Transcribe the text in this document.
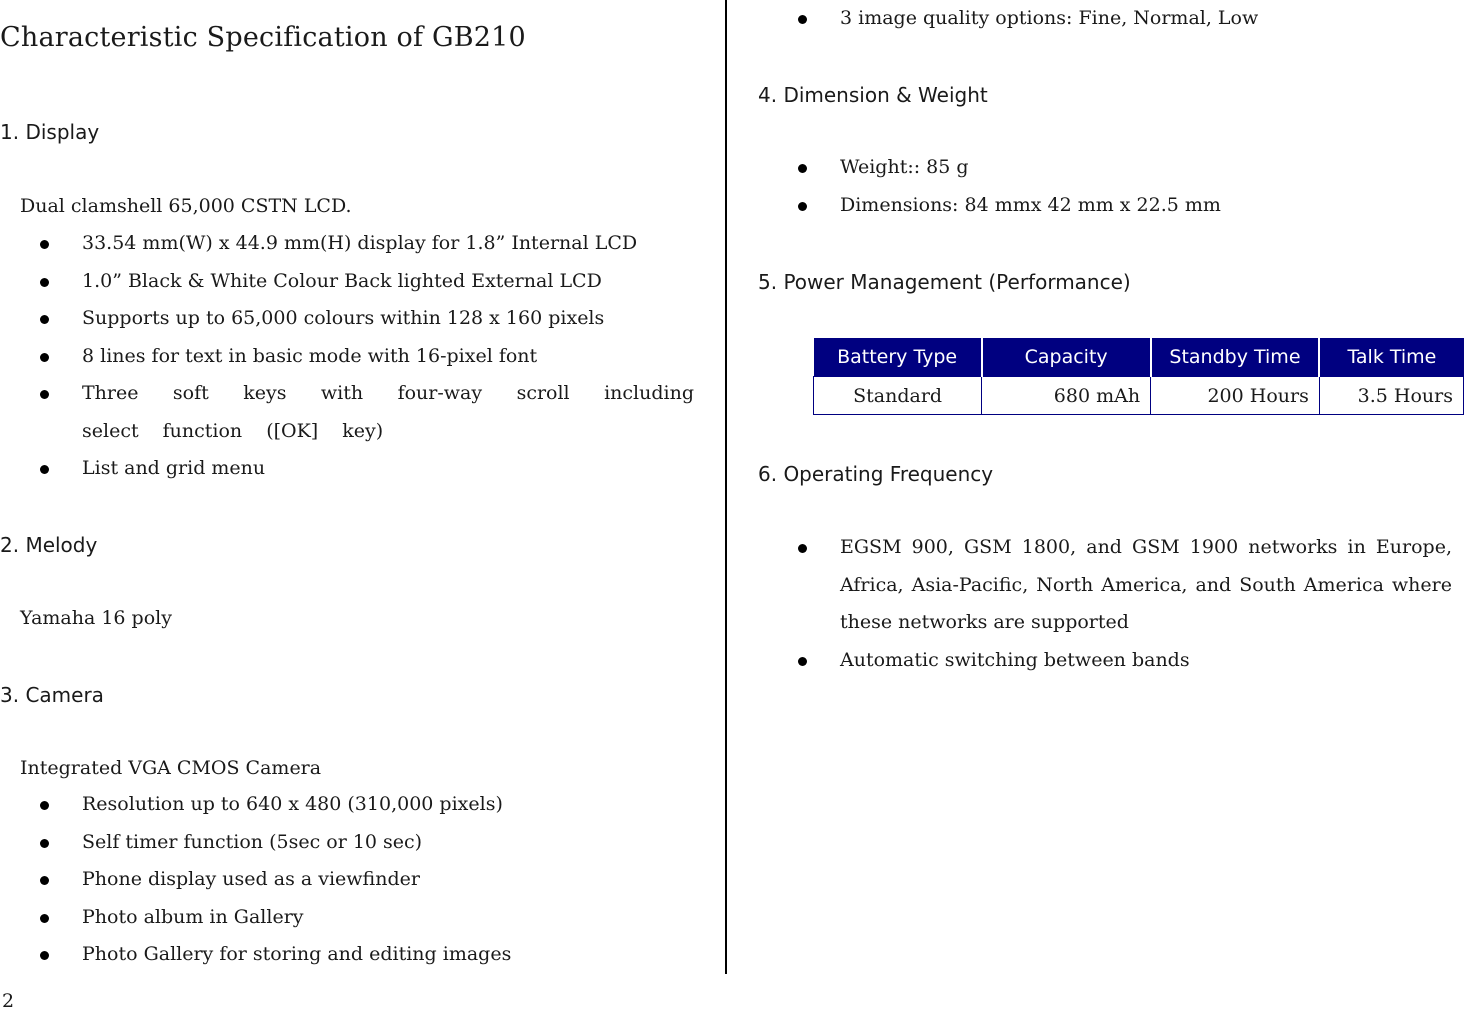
Characteristic Specification of GB210
1. Display

Dual clamshell 65,000 CSTN LCD.

33.54 mm(W) x 44.9 mm(H) display for 1.8” Internal LCD
1.0” Black & White Colour Back lighted External LCD
Supports up to 65,000 colours within 128 x 160 pixels
8 lines for text in basic mode with 16-pixel font
Three soft keys with four-way scroll including select function ([OK] key)
List and grid menu
2. Melody

Yamaha 16 poly

3. Camera

Integrated VGA CMOS Camera

Resolution up to 640 x 480 (310,000 pixels)
Self timer function (5sec or 10 sec)
Phone display used as a viewfinder
Photo album in Gallery
Photo Gallery for storing and editing images
2
3 image quality options: Fine, Normal, Low
4. Dimension & Weight
Weight:: 85 g
Dimensions: 84 mmx 42 mm x 22.5 mm
5. Power Management (Performance)
Battery Type	Capacity	Standby Time	Talk Time
Standard	680 mAh	200 Hours	3.5 Hours
6. Operating Frequency
EGSM 900, GSM 1800, and GSM 1900 networks in Europe, Africa, Asia-Pacific, North America, and South America where these networks are supported
Automatic switching between bands
